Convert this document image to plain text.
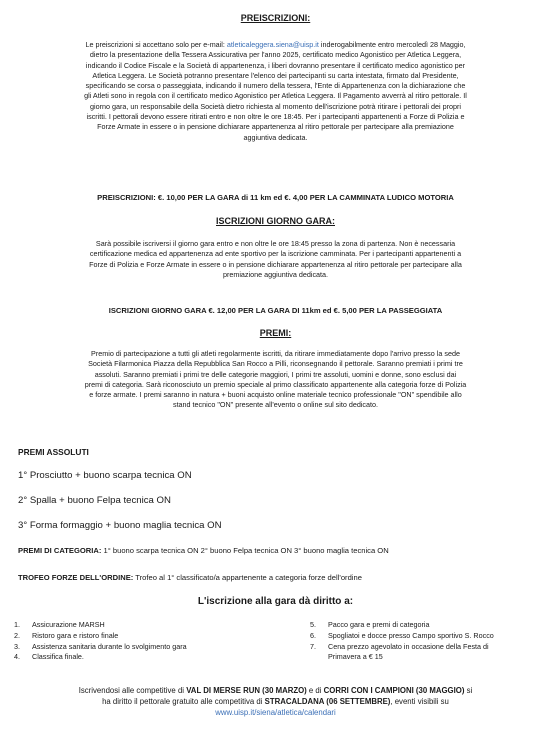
PREISCRIZIONI:

Le preiscrizioni si accettano solo per e-mail: atleticaleggera.siena@uisp.it inderogabilmente entro mercoledì 28 Maggio,

dietro la presentazione della Tessera Assicurativa per l'anno 2025, certificato medico Agonistico per Atletica Leggera,

indicando il Codice Fiscale e la Società di appartenenza, i liberi dovranno presentare il certificato medico agonistico per

Atletica Leggera. Le Società potranno presentare l'elenco dei partecipanti su carta intestata, firmato dal Presidente,

specificando se corsa o passeggiata, indicando il numero della tessera, l'Ente di Appartenenza con la dichiarazione che

gli Atleti sono in regola con il certificato medico Agonistico per Atletica Leggera. Il Pagamento avverrà al ritiro pettorale. Il

giorno gara, un responsabile della Società dietro richiesta al momento dell'iscrizione potrà ritirare i pettorali dei propri

iscritti. I pettorali devono essere ritirati entro e non oltre le ore 18:45. Per i partecipanti appartenenti a Forze di Polizia e

Forze Armate in essere o in pensione dichiarare appartenenza al ritiro pettorale per partecipare alla premiazione

aggiuntiva dedicata.

PREISCRIZIONI: €. 10,00 PER LA GARA di 11 km ed €. 4,00 PER LA CAMMINATA LUDICO MOTORIA

ISCRIZIONI GIORNO GARA:

Sarà possibile iscriversi il giorno gara entro e non oltre le ore 18:45 presso la zona di partenza. Non è necessaria

certificazione medica ed appartenenza ad ente sportivo per la iscrizione camminata. Per i partecipanti appartenenti a

Forze di Polizia e Forze Armate in essere o in pensione dichiarare appartenenza al ritiro pettorale per partecipare alla

premiazione aggiuntiva dedicata.

ISCRIZIONI GIORNO GARA €. 12,00 PER LA GARA DI 11km ed €. 5,00 PER LA PASSEGGIATA

PREMI:

Premio di partecipazione a tutti gli atleti regolarmente iscritti, da ritirare immediatamente dopo l'arrivo presso la sede

Società Filarmonica Piazza della Repubblica San Rocco a Pilli, riconsegnando il pettorale. Saranno premiati i primi tre

assoluti. Saranno premiati i primi tre delle categorie maggiori, I primi tre assoluti, uomini e donne, sono esclusi dai

premi di categoria. Sarà riconosciuto un premio speciale al primo classificato appartenente alla categoria forze di Polizia

e forze armate. I premi saranno in natura + buoni acquisto online materiale tecnico professionale "ON" spendibile allo

stand tecnico "ON" presente all'evento o online sul sito dedicato.

PREMI ASSOLUTI

1° Prosciutto + buono scarpa tecnica ON

2° Spalla + buono Felpa tecnica ON

3° Forma formaggio + buono maglia tecnica ON

PREMI DI CATEGORIA: 1° buono scarpa tecnica ON 2° buono Felpa tecnica ON 3° buono maglia tecnica ON

TROFEO FORZE DELL'ORDINE: Trofeo al 1° classificato/a appartenente a categoria forze dell'ordine

L'iscrizione alla gara dà diritto a:

1.	Assicurazione MARSH
2.	Ristoro gara e ristoro finale
3.	Assistenza sanitaria durante lo svolgimento gara
4.	Classifica finale.
5.	Pacco gara e premi di categoria
6.	Spogliatoi e docce presso Campo sportivo S. Rocco
7.	Cena prezzo agevolato in occasione della Festa di
Primavera a € 15

Iscrivendosi alle competitive di VAL DI MERSE RUN (30 MARZO) e di CORRI CON I CAMPIONI (30 MAGGIO) si

ha diritto il pettorale gratuito alle competitiva di STRACALDANA (06 SETTEMBRE), eventi visibili su

www.uisp.it/siena/atletica/calendari
